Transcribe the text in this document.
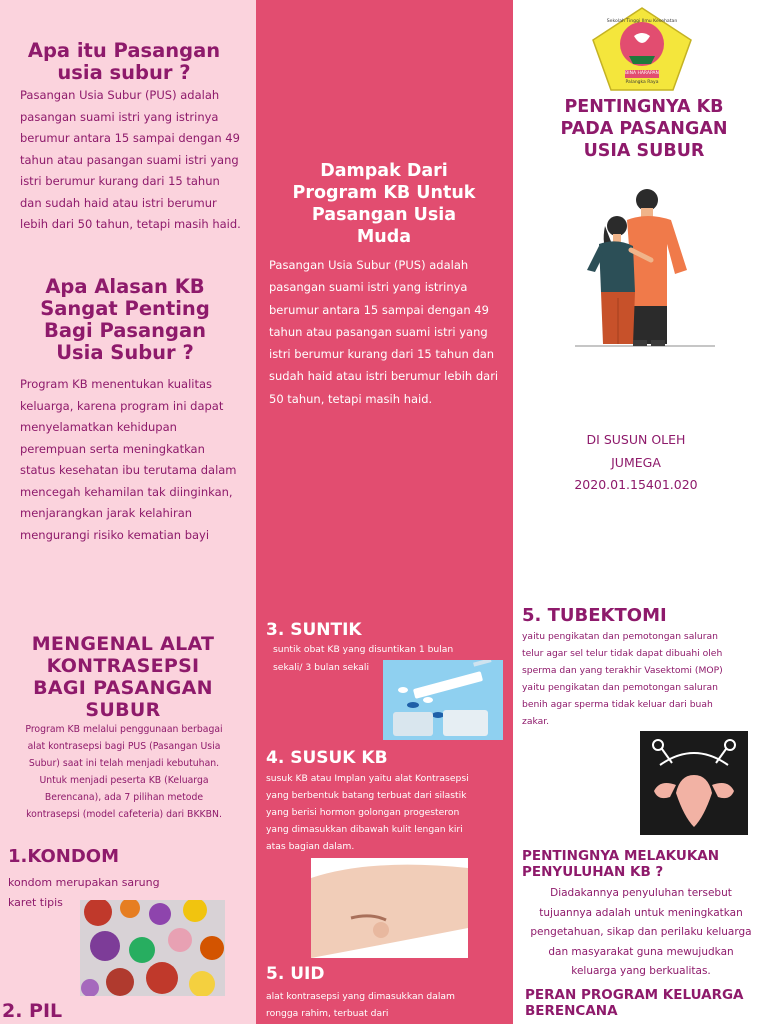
Apa itu Pasangan usia subur ?

Pasangan Usia Subur (PUS) adalah pasangan suami istri yang istrinya berumur antara 15 sampai dengan 49 tahun atau pasangan suami istri yang istri berumur kurang dari 15 tahun dan sudah haid atau istri berumur lebih dari 50 tahun, tetapi masih haid.

Apa Alasan KB Sangat Penting Bagi Pasangan Usia Subur ?

Program KB menentukan kualitas keluarga, karena program ini dapat menyelamatkan kehidupan perempuan serta meningkatkan status kesehatan ibu terutama dalam mencegah kehamilan tak diinginkan, menjarangkan jarak kelahiran mengurangi risiko kematian bayi

MENGENAL ALAT KONTRASEPSI BAGI PASANGAN SUBUR

Program KB melalui penggunaan berbagai alat kontrasepsi bagi PUS (Pasangan Usia Subur) saat ini telah menjadi kebutuhan. Untuk menjadi peserta KB (Keluarga Berencana), ada 7 pilihan metode kontrasepsi (model cafeteria) dari BKKBN.

1.KONDOM

kondom merupakan sarung karet tipis

2. PIL
Dampak Dari Program KB Untuk Pasangan Usia Muda

Pasangan Usia Subur (PUS) adalah pasangan suami istri yang istrinya berumur antara 15 sampai dengan 49 tahun atau pasangan suami istri yang istri berumur kurang dari 15 tahun dan sudah haid atau istri berumur lebih dari 50 tahun, tetapi masih haid.

3. SUNTIK

suntik obat KB yang disuntikan 1 bulan sekali/ 3 bulan sekali

4. SUSUK KB

susuk KB atau Implan yaitu alat Kontrasepsi yang berbentuk batang terbuat dari silastik yang berisi hormon golongan progesteron yang dimasukkan dibawah kulit lengan kiri atas bagian dalam.

5. UID

alat kontrasepsi yang dimasukkan dalam rongga rahim, terbuat dari

Sekolah Tinggi Ilmu Kesehatan
BINA HARAPAN
Palangka Raya
PENTINGNYA KB PADA PASANGAN USIA SUBUR
DI SUSUN OLEH
JUMEGA
2020.01.15401.020
5. TUBEKTOMI

yaitu pengikatan dan pemotongan saluran telur agar sel telur tidak dapat dibuahi oleh sperma dan yang terakhir Vasektomi (MOP) yaitu pengikatan dan pemotongan saluran benih agar sperma tidak keluar dari buah zakar.

PENTINGNYA MELAKUKAN PENYULUHAN KB ?

Diadakannya penyuluhan tersebut tujuannya adalah untuk meningkatkan pengetahuan, sikap dan perilaku keluarga dan masyarakat guna mewujudkan keluarga yang berkualitas.

PERAN PROGRAM KELUARGA BERENCANA
